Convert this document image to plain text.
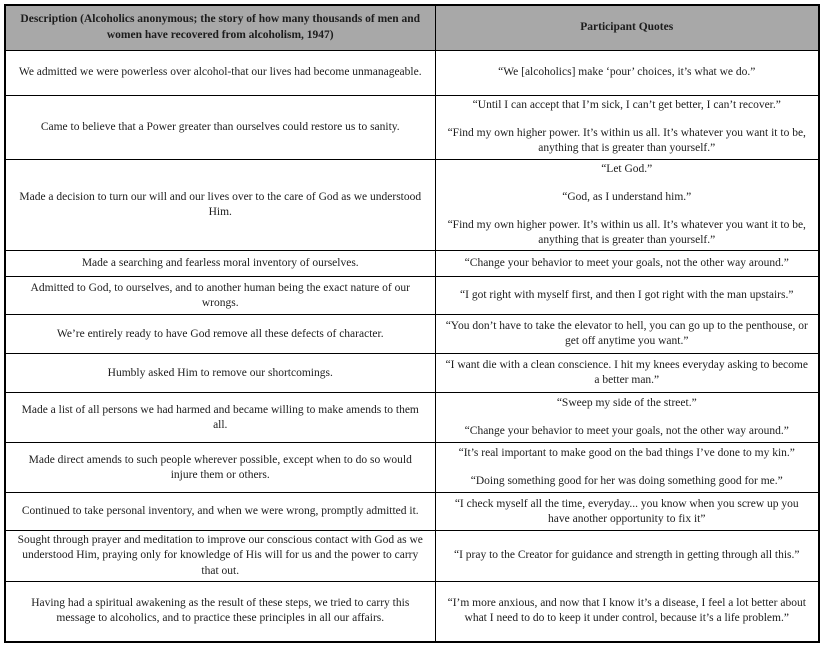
Description (Alcoholics anonymous; the story of how many thousands of men and women have recovered from alcoholism, 1947)	Participant Quotes

We admitted we were powerless over alcohol-that our lives had become unmanageable.	“We [alcoholics] make ‘pour’ choices, it’s what we do.”

Came to believe that a Power greater than ourselves could restore us to sanity.	“Until I can accept that I’m sick, I can’t get better, I can’t recover.”

“Find my own higher power. It’s within us all. It’s whatever you want it to be, anything that is greater than yourself.”

Made a decision to turn our will and our lives over to the care of God as we understood Him.	“Let God.”

“God, as I understand him.”

“Find my own higher power. It’s within us all. It’s whatever you want it to be, anything that is greater than yourself.”

Made a searching and fearless moral inventory of ourselves.	“Change your behavior to meet your goals, not the other way around.”

Admitted to God, to ourselves, and to another human being the exact nature of our wrongs.	“I got right with myself first, and then I got right with the man upstairs.”

We’re entirely ready to have God remove all these defects of character.	“You don’t have to take the elevator to hell, you can go up to the penthouse, or get off anytime you want.”

Humbly asked Him to remove our shortcomings.	“I want die with a clean conscience. I hit my knees everyday asking to become a better man.”

Made a list of all persons we had harmed and became willing to make amends to them all.	“Sweep my side of the street.”

“Change your behavior to meet your goals, not the other way around.”

Made direct amends to such people wherever possible, except when to do so would injure them or others.	“It’s real important to make good on the bad things I’ve done to my kin.”

“Doing something good for her was doing something good for me.”

Continued to take personal inventory, and when we were wrong, promptly admitted it.	“I check myself all the time, everyday... you know when you screw up you have another opportunity to fix it”

Sought through prayer and meditation to improve our conscious contact with God as we understood Him, praying only for knowledge of His will for us and the power to carry that out.	“I pray to the Creator for guidance and strength in getting through all this.”

Having had a spiritual awakening as the result of these steps, we tried to carry this message to alcoholics, and to practice these principles in all our affairs.	“I’m more anxious, and now that I know it’s a disease, I feel a lot better about what I need to do to keep it under control, because it’s a life problem.”
